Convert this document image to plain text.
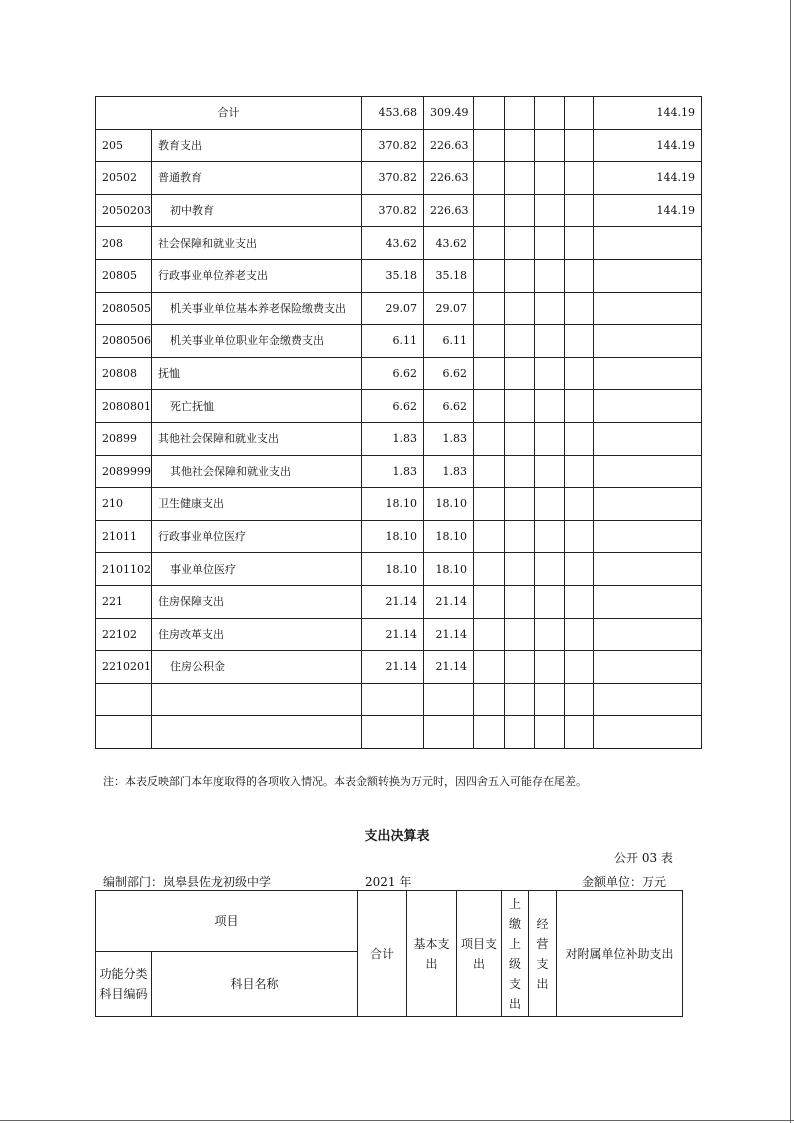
合计		453.68	309.49					144.19
205	教育支出	370.82	226.63					144.19
20502	普通教育	370.82	226.63					144.19
2050203	初中教育	370.82	226.63					144.19
208	社会保障和就业支出	43.62	43.62					
20805	行政事业单位养老支出	35.18	35.18					
2080505	机关事业单位基本养老保险缴费支出	29.07	29.07					
2080506	机关事业单位职业年金缴费支出	6.11	6.11					
20808	抚恤	6.62	6.62					
2080801	死亡抚恤	6.62	6.62					
20899	其他社会保障和就业支出	1.83	1.83					
2089999	其他社会保障和就业支出	1.83	1.83					
210	卫生健康支出	18.10	18.10					
21011	行政事业单位医疗	18.10	18.10					
2101102	事业单位医疗	18.10	18.10					
221	住房保障支出	21.14	21.14					
22102	住房改革支出	21.14	21.14					
2210201	住房公积金	21.14	21.14					

注：本表反映部门本年度取得的各项收入情况。本表金额转换为万元时，因四舍五入可能存在尾差。
支出决算表
公开 03 表
编制部门：岚皋县佐龙初级中学	2021 年	金额单位：万元
项目		合计	基本支出	项目支出	上缴上级支出	经营支出	对附属单位补助支出
功能分类科目编码	科目名称						
